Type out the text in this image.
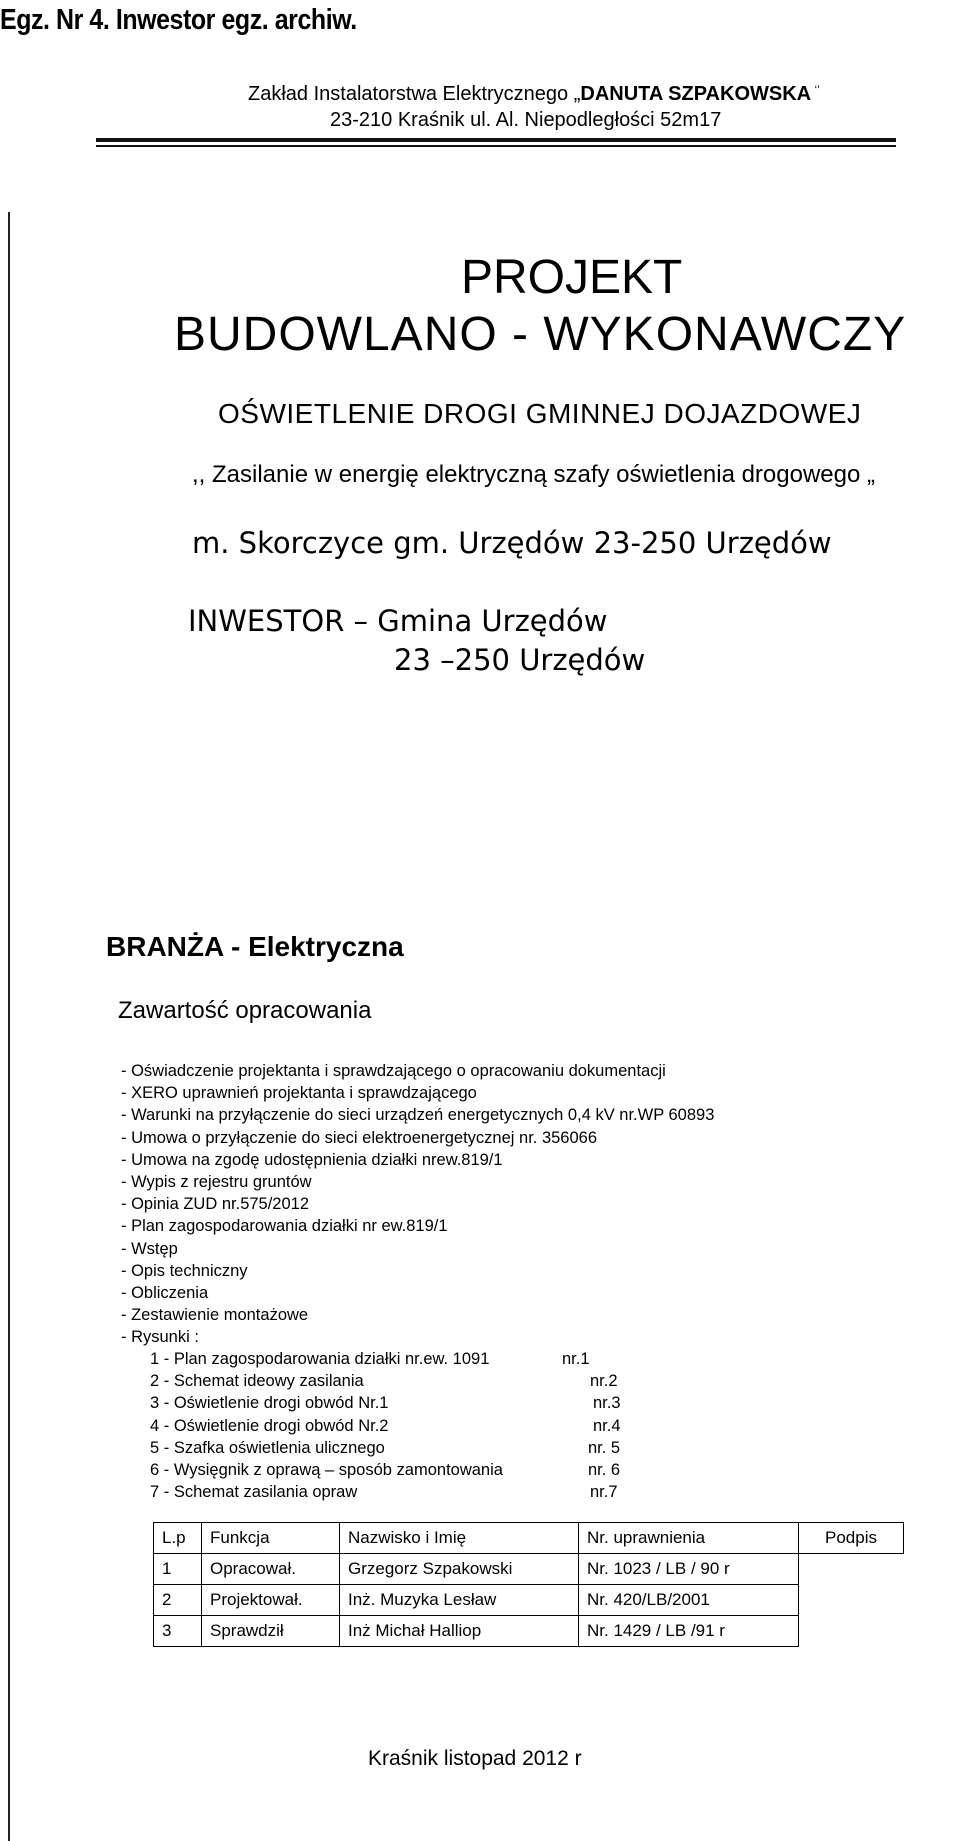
Egz. Nr 4. Inwestor egz. archiw.
Zakład Instalatorstwa Elektrycznego „DANUTA SZPAKOWSKA ‘’
23-210 Kraśnik ul. Al. Niepodległości 52m17
PROJEKT
BUDOWLANO - WYKONAWCZY
OŚWIETLENIE DROGI GMINNEJ DOJAZDOWEJ
,, Zasilanie w energię elektryczną szafy oświetlenia drogowego „
m. Skorczyce gm. Urzędów 23-250 Urzędów
INWESTOR – Gmina Urzędów
23 –250 Urzędów
BRANŻA - Elektryczna
Zawartość opracowania
- Oświadczenie projektanta i sprawdzającego o opracowaniu dokumentacji
- XERO uprawnień projektanta i sprawdzającego
- Warunki na przyłączenie do sieci urządzeń energetycznych 0,4 kV nr.WP 60893
- Umowa o przyłączenie do sieci elektroenergetycznej nr. 356066
- Umowa na zgodę udostępnienia działki nrew.819/1
- Wypis z rejestru gruntów
- Opinia ZUD nr.575/2012
- Plan zagospodarowania działki nr ew.819/1
- Wstęp
- Opis techniczny
- Obliczenia
- Zestawienie montażowe
- Rysunki :
1 - Plan zagospodarowania działki nr.ew. 1091	nr.1
2 - Schemat ideowy zasilania	nr.2
3 - Oświetlenie drogi obwód Nr.1	nr.3
4 - Oświetlenie drogi obwód Nr.2	nr.4
5 - Szafka oświetlenia ulicznego	nr. 5
6 - Wysięgnik z oprawą – sposób zamontowania	nr. 6
7 - Schemat zasilania opraw	nr.7
L.p	Funkcja	Nazwisko i Imię	Nr. uprawnienia	Podpis
1	Opracował.	Grzegorz Szpakowski	Nr. 1023 / LB / 90 r	
2	Projektował.	Inż. Muzyka Lesław	Nr. 420/LB/2001	
3	Sprawdził	Inż Michał Halliop	Nr. 1429 / LB /91 r	
Kraśnik listopad 2012 r
